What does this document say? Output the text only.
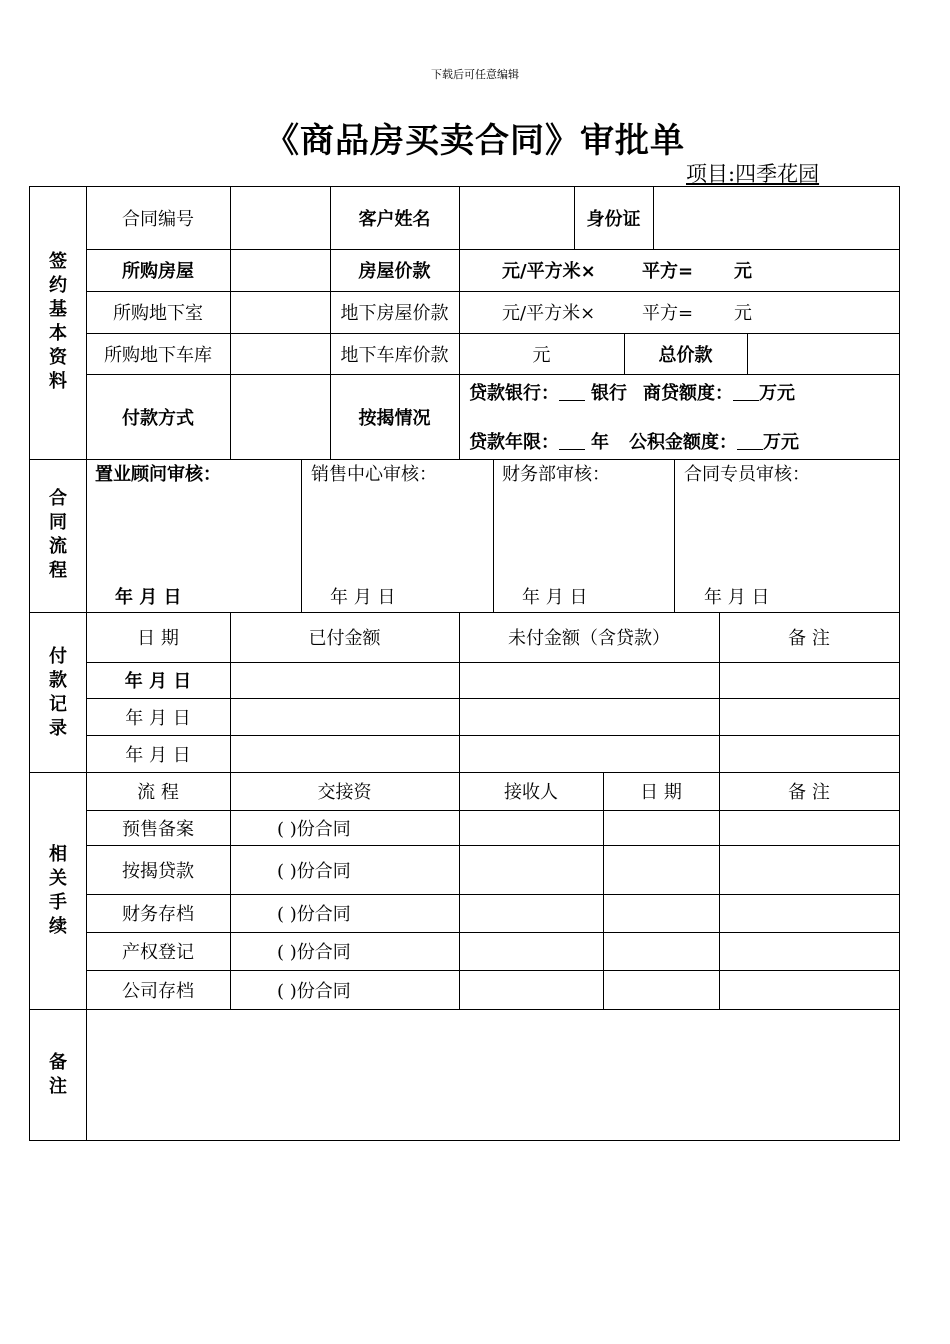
下载后可任意编辑
《商品房买卖合同》审批单
项目:四季花园
签约基本资料
合同流程
付款记录
相关手续
备注
合同编号	客户姓名	身份证
所购房屋	房屋价款	元/平方米×	平方= 元
所购地下室	地下房屋价款	元/平方米×	平方= 元
所购地下车库	地下车库价款	元	总价款
付款方式	按揭情况
贷款银行： 银行 商贷额度： 万元
贷款年限： 年 公积金额度： 万元
置业顾问审核：	销售中心审核：	财务部审核：	合同专员审核：
年 月 日	年 月 日	年 月 日	年 月 日
日 期	已付金额	未付金额（含贷款）	备 注
年 月 日
年 月 日
年 月 日
流 程	交接资	接收人	日 期	备 注
预售备案	( )份合同
按揭贷款	( )份合同
财务存档	( )份合同
产权登记	( )份合同
公司存档	( )份合同
